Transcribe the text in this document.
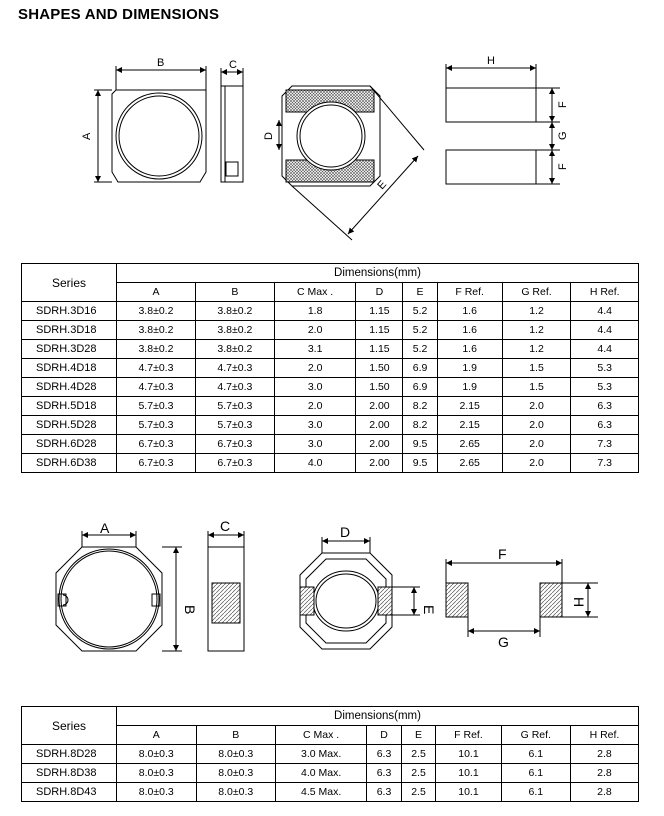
SHAPES AND DIMENSIONS
B
A
C
D
E
H
F
G
F
Series	Dimensions(mm)							
	A	B	C Max .	D	E	F Ref.	G Ref.	H Ref.
SDRH.3D16	3.8±0.2	3.8±0.2	1.8	1.15	5.2	1.6	1.2	4.4
SDRH.3D18	3.8±0.2	3.8±0.2	2.0	1.15	5.2	1.6	1.2	4.4
SDRH.3D28	3.8±0.2	3.8±0.2	3.1	1.15	5.2	1.6	1.2	4.4
SDRH.4D18	4.7±0.3	4.7±0.3	2.0	1.50	6.9	1.9	1.5	5.3
SDRH.4D28	4.7±0.3	4.7±0.3	3.0	1.50	6.9	1.9	1.5	5.3
SDRH.5D18	5.7±0.3	5.7±0.3	2.0	2.00	8.2	2.15	2.0	6.3
SDRH.5D28	5.7±0.3	5.7±0.3	3.0	2.00	8.2	2.15	2.0	6.3
SDRH.6D28	6.7±0.3	6.7±0.3	3.0	2.00	9.5	2.65	2.0	7.3
SDRH.6D38	6.7±0.3	6.7±0.3	4.0	2.00	9.5	2.65	2.0	7.3
A
B
C	D
E
F
G
H
Series	Dimensions(mm)							
	A	B	C Max .	D	E	F Ref.	G Ref.	H Ref.
SDRH.8D28	8.0±0.3	8.0±0.3	3.0 Max.	6.3	2.5	10.1	6.1	2.8
SDRH.8D38	8.0±0.3	8.0±0.3	4.0 Max.	6.3	2.5	10.1	6.1	2.8
SDRH.8D43	8.0±0.3	8.0±0.3	4.5 Max.	6.3	2.5	10.1	6.1	2.8
